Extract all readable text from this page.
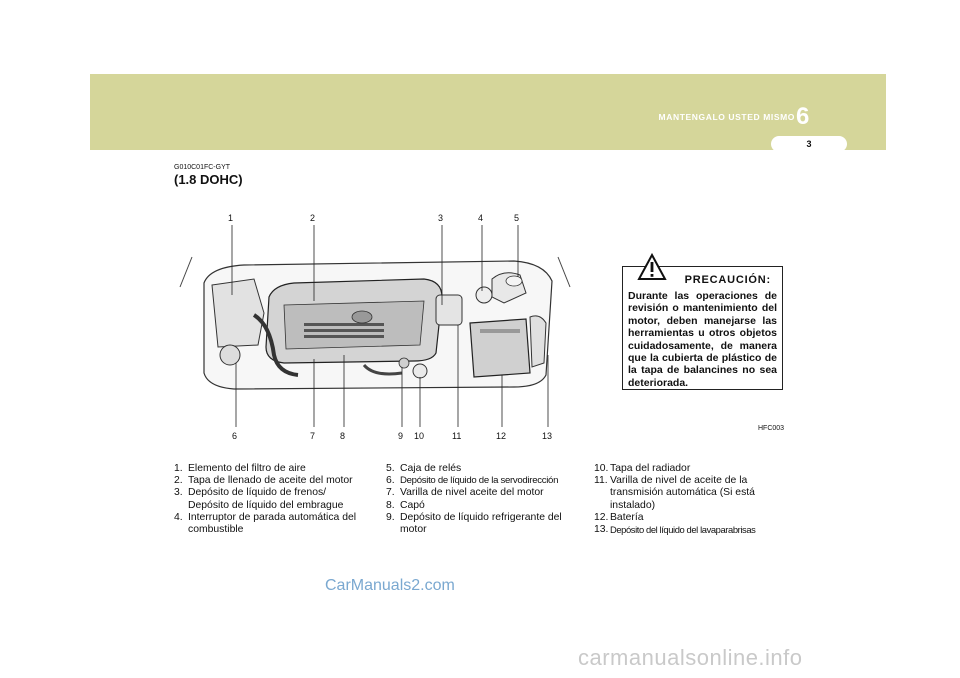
MANTENGALO USTED MISMO 6
3
G010C01FC-GYT
(1.8 DOHC)
1	2	3	4	5
6	7	8	9 10	11	12	13
PRECAUCIÓN:
Durante las operaciones de revisión o mantenimiento del motor, deben manejarse las herramientas u otros objetos cuidadosamente, de manera que la cubierta de plástico de la tapa de balancines no sea deteriorada.
HFC003
1. Elemento del filtro de aire
2. Tapa de llenado de aceite del motor
3. Depósito de líquido de frenos/ Depósito de líquido del embrague
4. Interruptor de parada automática del combustible
5. Caja de relés
6. Depósito de líquido de la servodirección
7. Varilla de nivel aceite del motor
8. Capó
9. Depósito de líquido refrigerante del motor
10. Tapa del radiador
11. Varilla de nivel de aceite de la transmisión automática (Si está instalado)
12. Batería
13. Depósito del líquido del lavaparabrisas
CarManuals2.com
carmanualsonline.info
